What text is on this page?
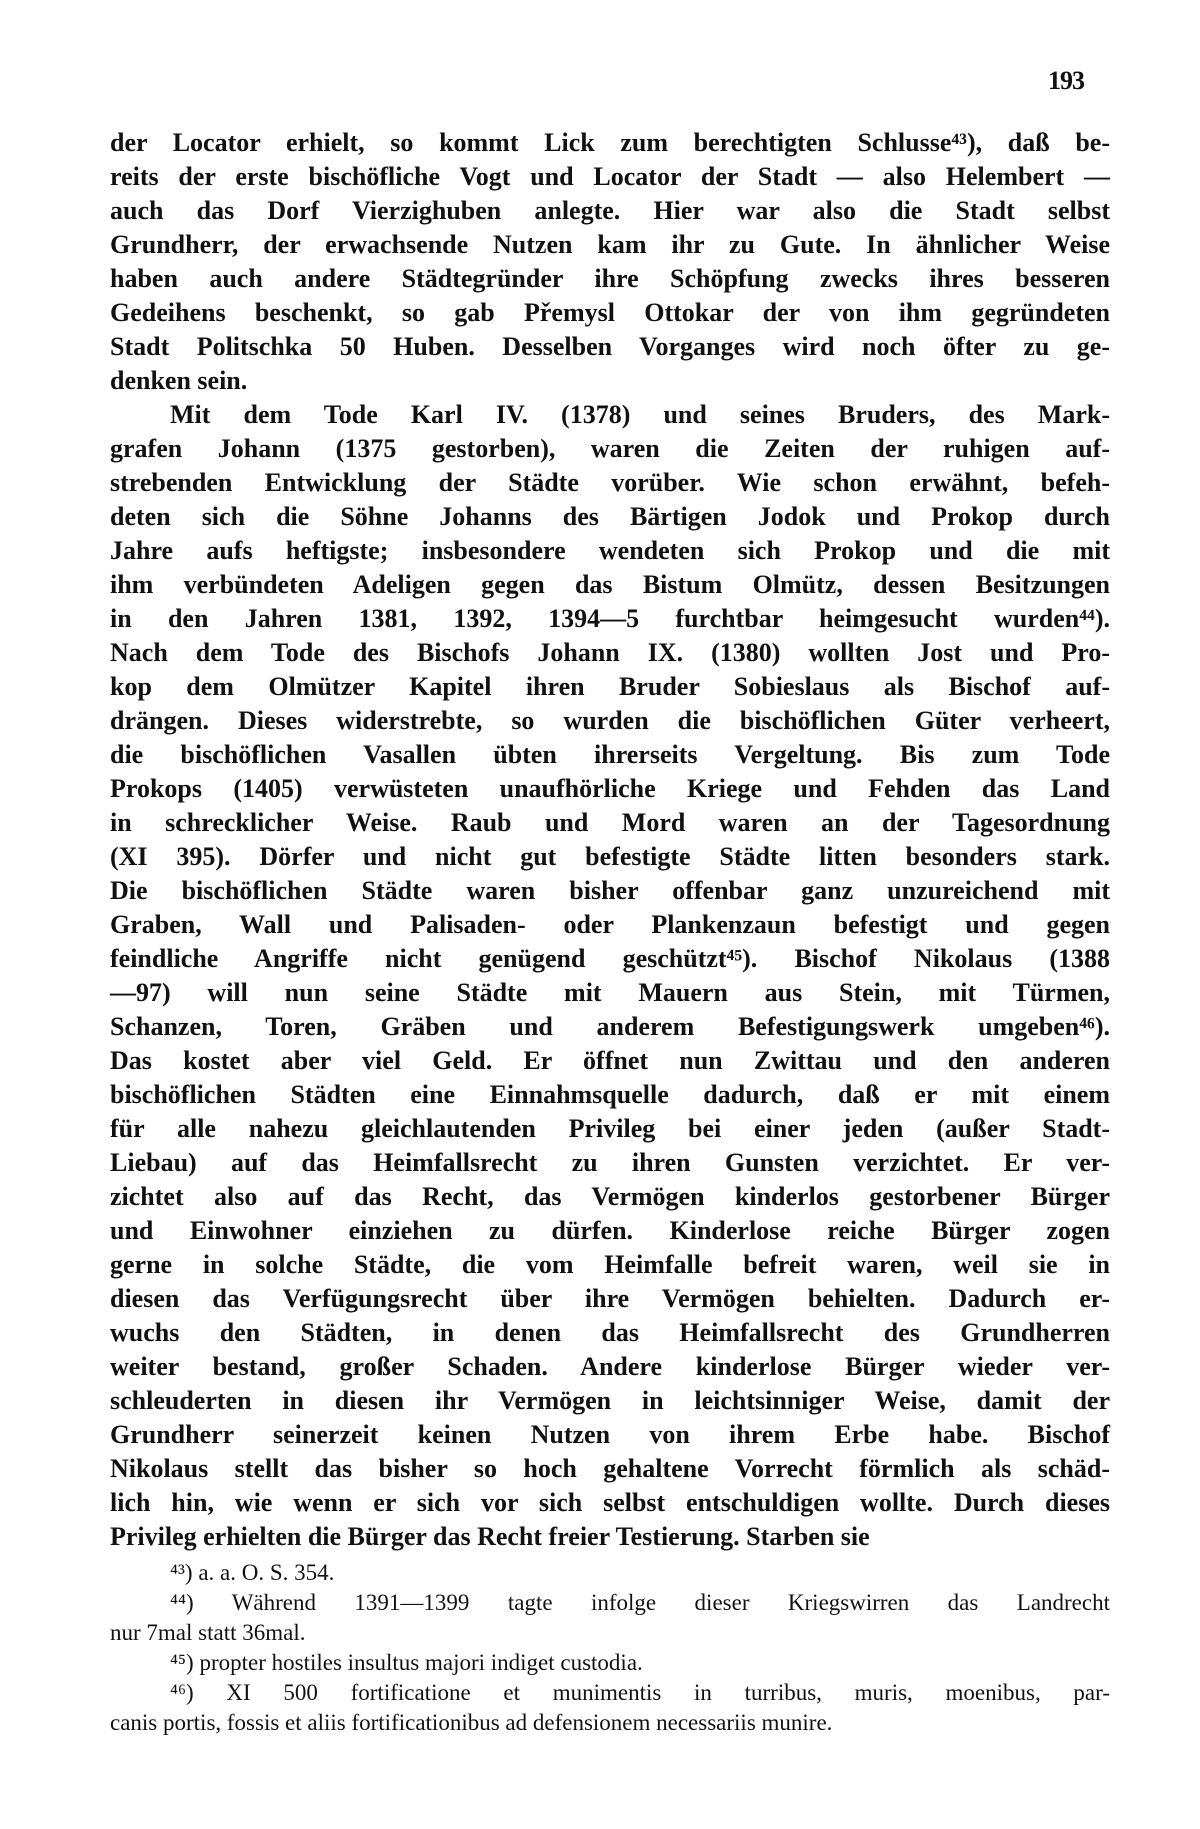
193
der Locator erhielt, so kommt Lick zum berechtigten Schlusse⁴³), daß be-
reits der erste bischöfliche Vogt und Locator der Stadt — also Helembert —
auch das Dorf Vierzighuben anlegte. Hier war also die Stadt selbst
Grundherr, der erwachsende Nutzen kam ihr zu Gute. In ähnlicher Weise
haben auch andere Städtegründer ihre Schöpfung zwecks ihres besseren
Gedeihens beschenkt, so gab Přemysl Ottokar der von ihm gegründeten
Stadt Politschka 50 Huben. Desselben Vorganges wird noch öfter zu ge-
denken sein.
Mit dem Tode Karl IV. (1378) und seines Bruders, des Mark-
grafen Johann (1375 gestorben), waren die Zeiten der ruhigen auf-
strebenden Entwicklung der Städte vorüber. Wie schon erwähnt, befeh-
deten sich die Söhne Johanns des Bärtigen Jodok und Prokop durch
Jahre aufs heftigste; insbesondere wendeten sich Prokop und die mit
ihm verbündeten Adeligen gegen das Bistum Olmütz, dessen Besitzungen
in den Jahren 1381, 1392, 1394—5 furchtbar heimgesucht wurden⁴⁴).
Nach dem Tode des Bischofs Johann IX. (1380) wollten Jost und Pro-
kop dem Olmützer Kapitel ihren Bruder Sobieslaus als Bischof auf-
drängen. Dieses widerstrebte, so wurden die bischöflichen Güter verheert,
die bischöflichen Vasallen übten ihrerseits Vergeltung. Bis zum Tode
Prokops (1405) verwüsteten unaufhörliche Kriege und Fehden das Land
in schrecklicher Weise. Raub und Mord waren an der Tagesordnung
(XI 395). Dörfer und nicht gut befestigte Städte litten besonders stark.
Die bischöflichen Städte waren bisher offenbar ganz unzureichend mit
Graben, Wall und Palisaden- oder Plankenzaun befestigt und gegen
feindliche Angriffe nicht genügend geschützt⁴⁵). Bischof Nikolaus (1388
—97) will nun seine Städte mit Mauern aus Stein, mit Türmen,
Schanzen, Toren, Gräben und anderem Befestigungswerk umgeben⁴⁶).
Das kostet aber viel Geld. Er öffnet nun Zwittau und den anderen
bischöflichen Städten eine Einnahmsquelle dadurch, daß er mit einem
für alle nahezu gleichlautenden Privileg bei einer jeden (außer Stadt-
Liebau) auf das Heimfallsrecht zu ihren Gunsten verzichtet. Er ver-
zichtet also auf das Recht, das Vermögen kinderlos gestorbener Bürger
und Einwohner einziehen zu dürfen. Kinderlose reiche Bürger zogen
gerne in solche Städte, die vom Heimfalle befreit waren, weil sie in
diesen das Verfügungsrecht über ihre Vermögen behielten. Dadurch er-
wuchs den Städten, in denen das Heimfallsrecht des Grundherren
weiter bestand, großer Schaden. Andere kinderlose Bürger wieder ver-
schleuderten in diesen ihr Vermögen in leichtsinniger Weise, damit der
Grundherr seinerzeit keinen Nutzen von ihrem Erbe habe. Bischof
Nikolaus stellt das bisher so hoch gehaltene Vorrecht förmlich als schäd-
lich hin, wie wenn er sich vor sich selbst entschuldigen wollte. Durch dieses
Privileg erhielten die Bürger das Recht freier Testierung. Starben sie
⁴³) a. a. O. S. 354.
⁴⁴) Während 1391—1399 tagte infolge dieser Kriegswirren das Landrecht
nur 7mal statt 36mal.
⁴⁵) propter hostiles insultus majori indiget custodia.
⁴⁶) XI 500 fortificatione et munimentis in turribus, muris, moenibus, par-
canis portis, fossis et aliis fortificationibus ad defensionem necessariis munire.
